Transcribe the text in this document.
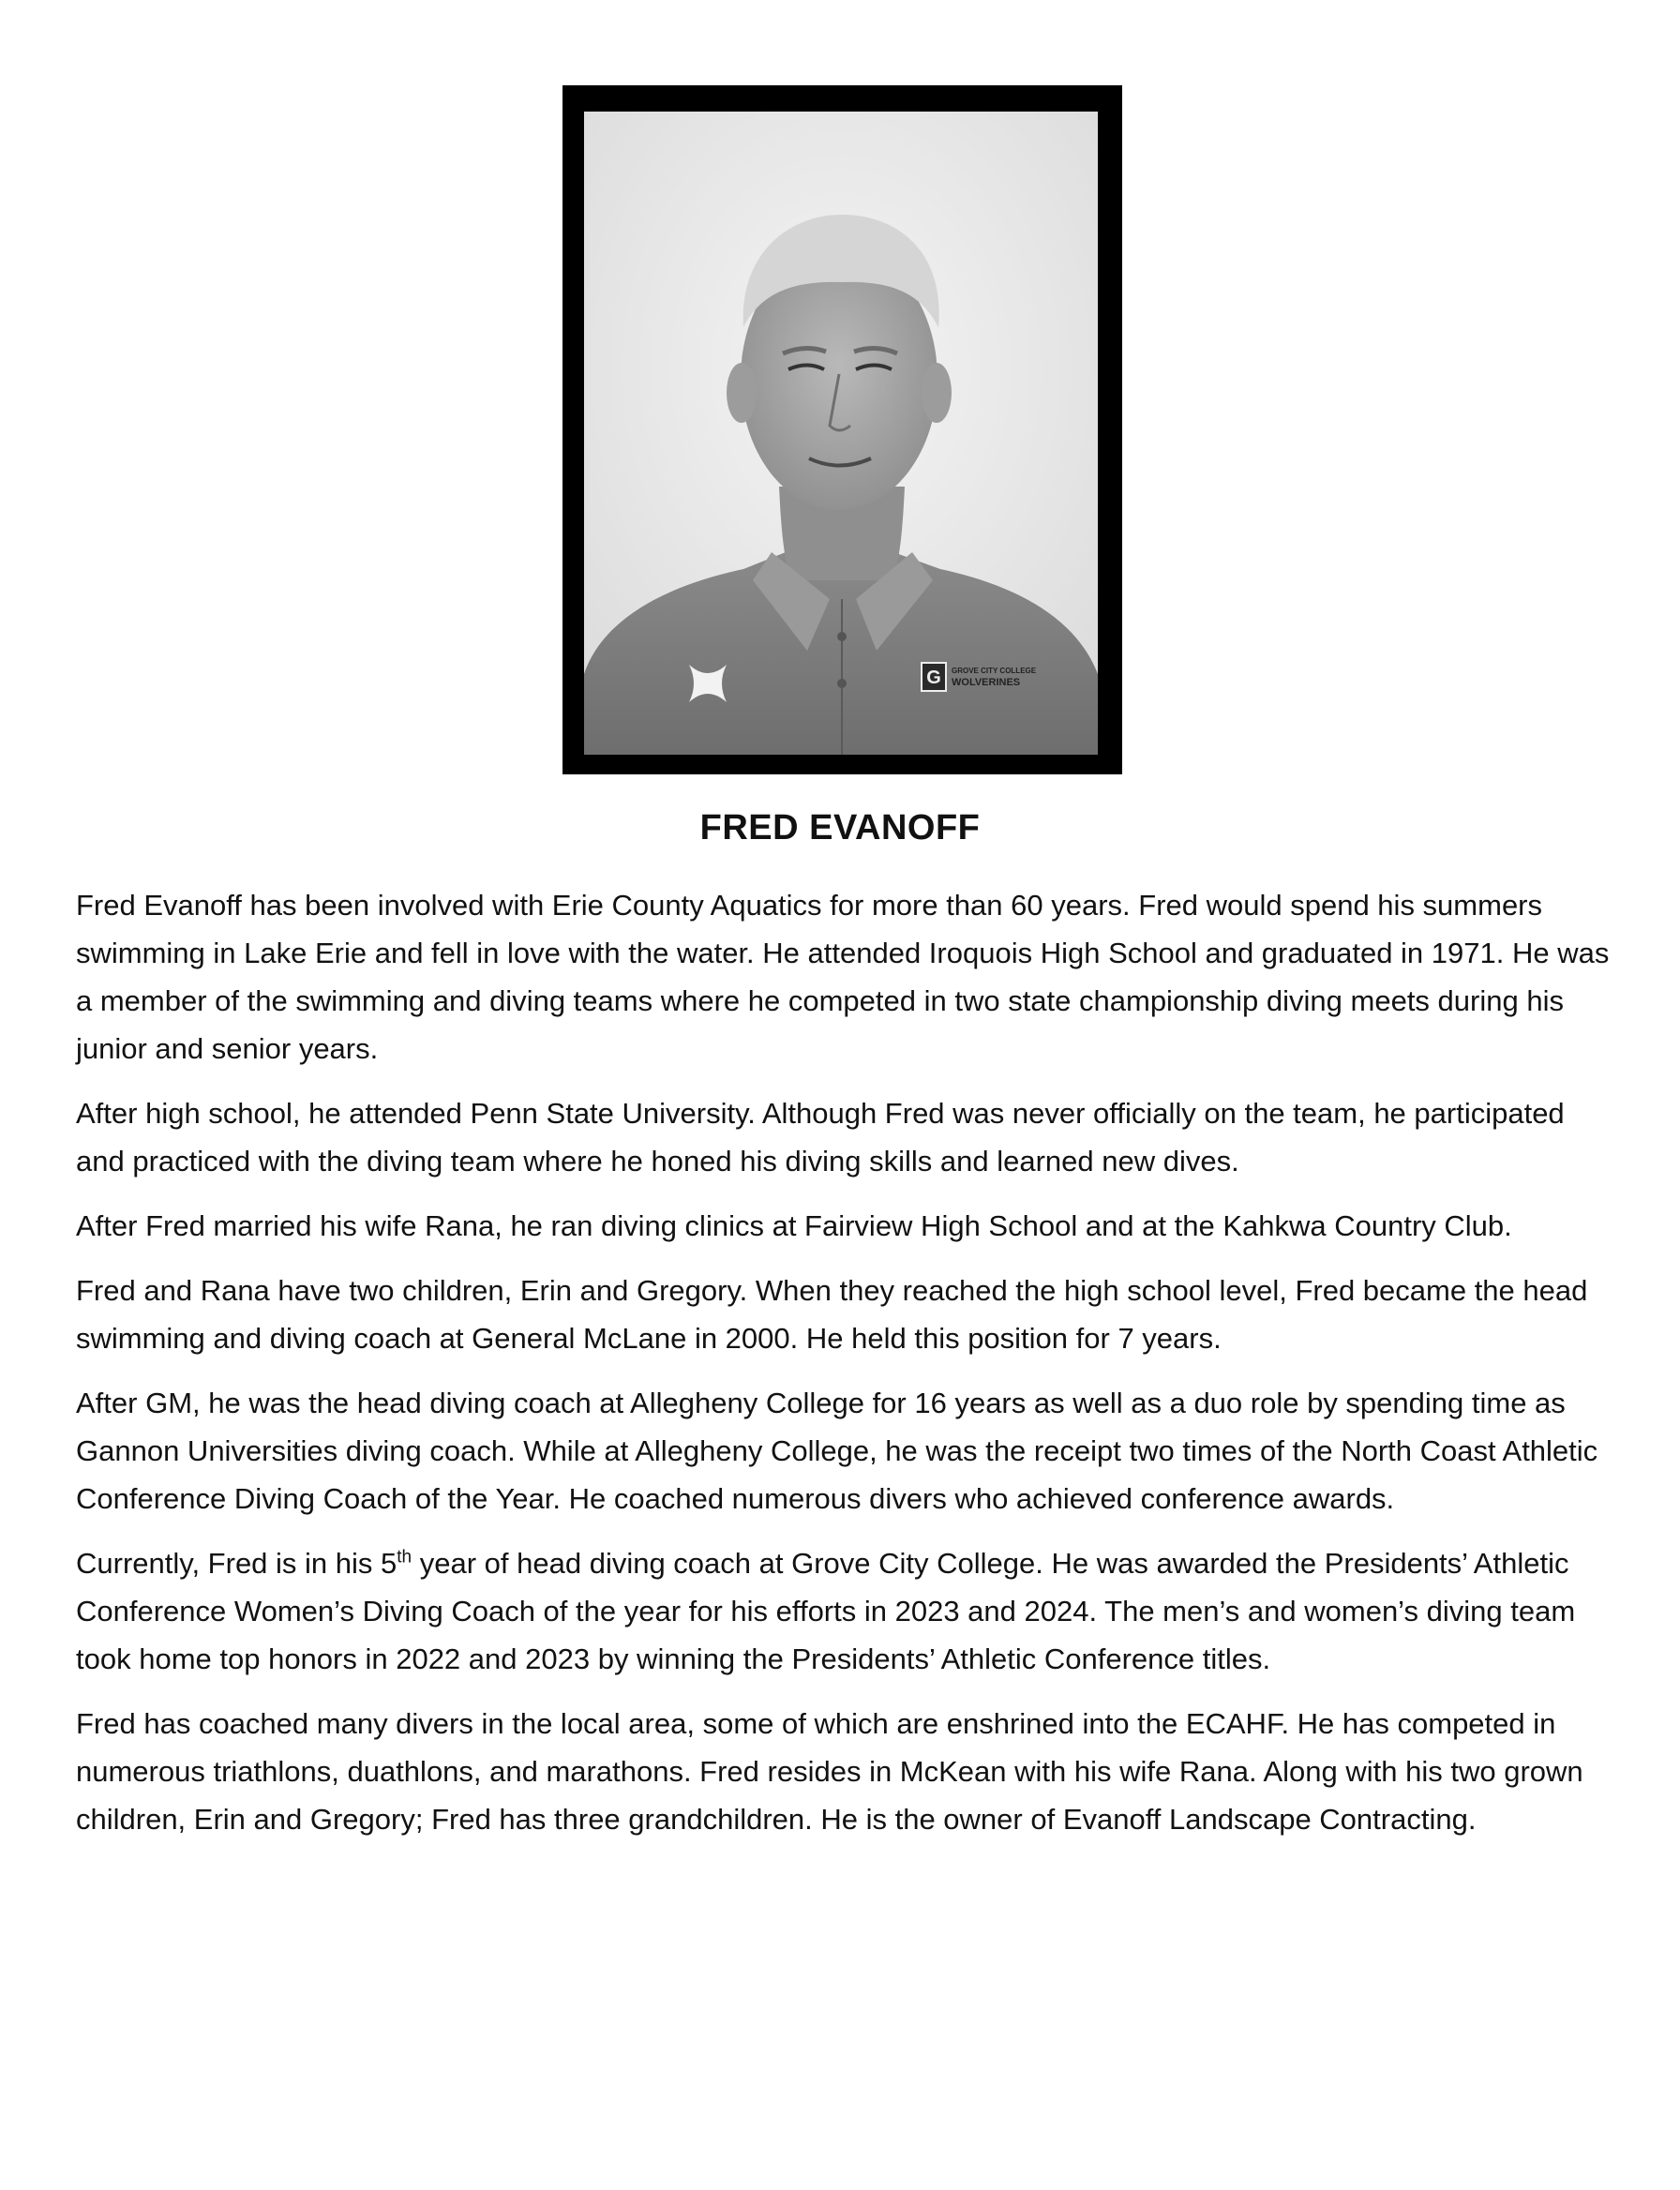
G GROVE CITY COLLEGE
WOLVERINES
FRED EVANOFF

Fred Evanoff has been involved with Erie County Aquatics for more than 60 years. Fred would spend his summers swimming in Lake Erie and fell in love with the water. He attended Iroquois High School and graduated in 1971. He was a member of the swimming and diving teams where he competed in two state championship diving meets during his junior and senior years.

After high school, he attended Penn State University. Although Fred was never officially on the team, he participated and practiced with the diving team where he honed his diving skills and learned new dives.

After Fred married his wife Rana, he ran diving clinics at Fairview High School and at the Kahkwa Country Club.

Fred and Rana have two children, Erin and Gregory. When they reached the high school level, Fred became the head swimming and diving coach at General McLane in 2000. He held this position for 7 years.

After GM, he was the head diving coach at Allegheny College for 16 years as well as a duo role by spending time as Gannon Universities diving coach. While at Allegheny College, he was the receipt two times of the North Coast Athletic Conference Diving Coach of the Year. He coached numerous divers who achieved conference awards.

Currently, Fred is in his 5th year of head diving coach at Grove City College. He was awarded the Presidents’ Athletic Conference Women’s Diving Coach of the year for his efforts in 2023 and 2024. The men’s and women’s diving team took home top honors in 2022 and 2023 by winning the Presidents’ Athletic Conference titles.

Fred has coached many divers in the local area, some of which are enshrined into the ECAHF. He has competed in numerous triathlons, duathlons, and marathons. Fred resides in McKean with his wife Rana. Along with his two grown children, Erin and Gregory; Fred has three grandchildren. He is the owner of Evanoff Landscape Contracting.
